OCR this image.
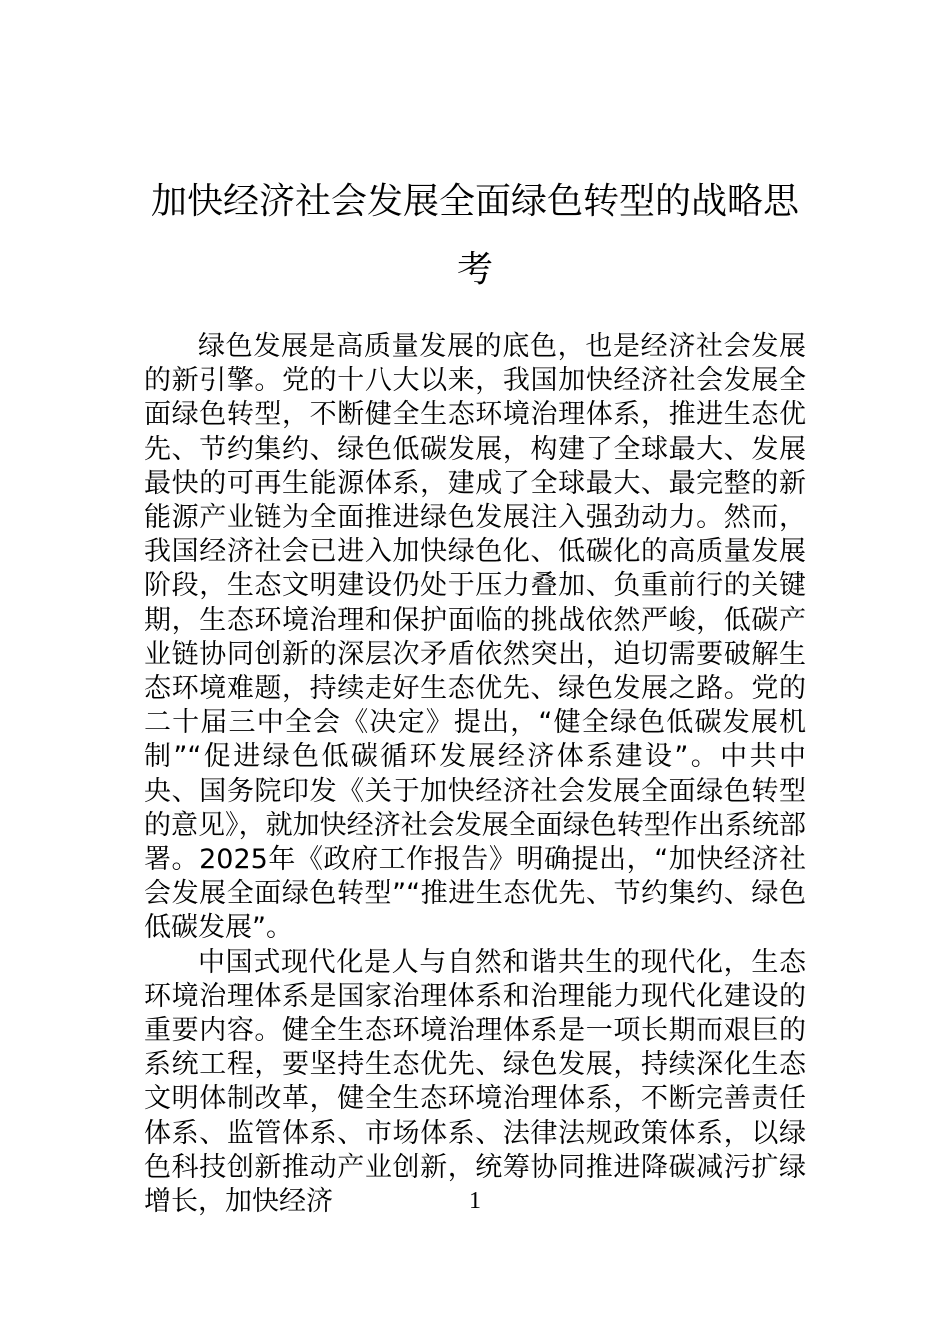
加快经济社会发展全面绿色转型的战略思考

绿色发展是高质量发展的底色，也是经济社会发展的新引擎。党的十八大以来，我国加快经济社会发展全面绿色转型，不断健全生态环境治理体系，推进生态优先、节约集约、绿色低碳发展，构建了全球最大、发展最快的可再生能源体系，建成了全球最大、最完整的新能源产业链为全面推进绿色发展注入强劲动力。然而，我国经济社会已进入加快绿色化、低碳化的高质量发展阶段，生态文明建设仍处于压力叠加、负重前行的关键期，生态环境治理和保护面临的挑战依然严峻，低碳产业链协同创新的深层次矛盾依然突出，迫切需要破解生态环境难题，持续走好生态优先、绿色发展之路。党的二十届三中全会《决定》提出，“健全绿色低碳发展机制”“促进绿色低碳循环发展经济体系建设”。中共中央、国务院印发《关于加快经济社会发展全面绿色转型的意见》，就加快经济社会发展全面绿色转型作出系统部署。2025年《政府工作报告》明确提出，“加快经济社会发展全面绿色转型”“推进生态优先、节约集约、绿色低碳发展”。

中国式现代化是人与自然和谐共生的现代化，生态环境治理体系是国家治理体系和治理能力现代化建设的重要内容。健全生态环境治理体系是一项长期而艰巨的系统工程，要坚持生态优先、绿色发展，持续深化生态文明体制改革，健全生态环境治理体系，不断完善责任体系、监管体系、市场体系、法律法规政策体系，以绿色科技创新推动产业创新，统筹协同推进降碳减污扩绿增长，加快经济	1
